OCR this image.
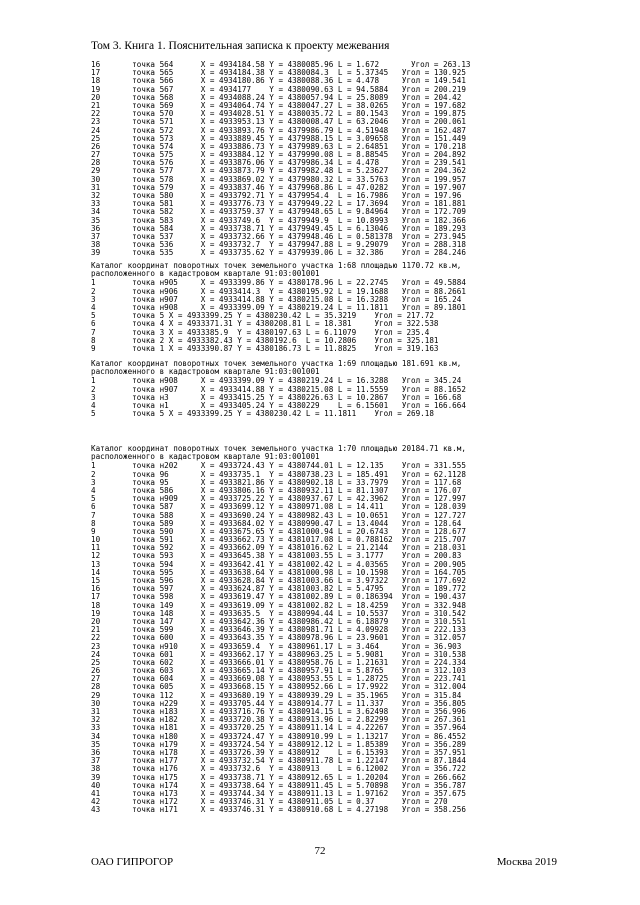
Том 3. Книга 1. Пояснительная записка к проекту межевания
16       точка 564      X = 4934184.58 Y = 4380085.96 L = 1.672       Угол = 263.13
17       точка 565      X = 4934184.38 Y = 4380084.3  L = 5.37345   Угол = 130.925
18       точка 566      X = 4934180.86 Y = 4380088.36 L = 4.478     Угол = 149.541
19       точка 567      X = 4934177    Y = 4380090.63 L = 94.5884   Угол = 200.219
20       точка 568      X = 4934088.24 Y = 4380057.94 L = 25.8089   Угол = 204.42
21       точка 569      X = 4934064.74 Y = 4380047.27 L = 38.0265   Угол = 197.682
22       точка 570      X = 4934028.51 Y = 4380035.72 L = 80.1543   Угол = 199.875
23       точка 571      X = 4933953.13 Y = 4380008.47 L = 63.2046   Угол = 200.061
24       точка 572      X = 4933893.76 Y = 4379986.79 L = 4.51948   Угол = 162.487
25       точка 573      X = 4933889.45 Y = 4379988.15 L = 3.09658   Угол = 151.449
26       точка 574      X = 4933886.73 Y = 4379989.63 L = 2.64851   Угол = 170.218
27       точка 575      X = 4933884.12 Y = 4379990.08 L = 8.88545   Угол = 204.892
28       точка 576      X = 4933876.06 Y = 4379986.34 L = 4.478     Угол = 239.541
29       точка 577      X = 4933873.79 Y = 4379982.48 L = 5.23627   Угол = 204.362
30       точка 578      X = 4933869.02 Y = 4379980.32 L = 33.5763   Угол = 199.957
31       точка 579      X = 4933837.46 Y = 4379968.86 L = 47.0282   Угол = 197.907
32       точка 580      X = 4933792.71 Y = 4379954.4  L = 16.7986   Угол = 197.96
33       точка 581      X = 4933776.73 Y = 4379949.22 L = 17.3694   Угол = 181.881
34       точка 582      X = 4933759.37 Y = 4379948.65 L = 9.84964   Угол = 172.709
35       точка 583      X = 4933749.6  Y = 4379949.9  L = 10.8993   Угол = 182.366
36       точка 584      X = 4933738.71 Y = 4379949.45 L = 6.13046   Угол = 189.293
37       точка 537      X = 4933732.66 Y = 4379948.46 L = 0.581378  Угол = 273.945
38       точка 536      X = 4933732.7  Y = 4379947.88 L = 9.29079   Угол = 288.318
39       точка 535      X = 4933735.62 Y = 4379939.06 L = 32.386    Угол = 284.246
Каталог координат поворотных точек земельного участка 1:68 площадью 1170.72 кв.м,
расположенного в кадастровом квартале 91:03:001001
1        точка н905     X = 4933399.86 Y = 4380178.96 L = 22.2745   Угол = 49.5884
2        точка н906     X = 4933414.3  Y = 4380195.92 L = 19.1688   Угол = 88.2661
3        точка н907     X = 4933414.88 Y = 4380215.08 L = 16.3288   Угол = 165.24
4        точка н908     X = 4933399.09 Y = 4380219.24 L = 11.1811   Угол = 89.1801
5        точка 5 X = 4933399.25 Y = 4380230.42 L = 35.3219    Угол = 217.72
6        точка 4 X = 4933371.31 Y = 4380208.81 L = 18.381     Угол = 322.538
7        точка 3 X = 4933385.9  Y = 4380197.63 L = 6.11079    Угол = 235.4
8        точка 2 X = 4933382.43 Y = 4380192.6  L = 10.2806    Угол = 325.181
9        точка 1 X = 4933390.87 Y = 4380186.73 L = 11.8825    Угол = 319.163
Каталог координат поворотных точек земельного участка 1:69 площадью 181.691 кв.м,
расположенного в кадастровом квартале 91:03:001001
1        точка н908     X = 4933399.09 Y = 4380219.24 L = 16.3288   Угол = 345.24
2        точка н907     X = 4933414.88 Y = 4380215.08 L = 11.5559   Угол = 88.1652
3        точка н3       X = 4933415.25 Y = 4380226.63 L = 10.2867   Угол = 166.68
4        точка н1       X = 4933405.24 Y = 4380229    L = 6.15601   Угол = 166.664
5        точка 5 X = 4933399.25 Y = 4380230.42 L = 11.1811    Угол = 269.18
Каталог координат поворотных точек земельного участка 1:70 площадью 20184.71 кв.м,
расположенного в кадастровом квартале 91:03:001001
1        точка н202     X = 4933724.43 Y = 4380744.01 L = 12.135    Угол = 331.555
2        точка 96       X = 4933735.1  Y = 4380738.23 L = 185.491   Угол = 62.1128
3        точка 95       X = 4933821.86 Y = 4380902.18 L = 33.7979   Угол = 117.68
4        точка 586      X = 4933806.16 Y = 4380932.11 L = 81.1307   Угол = 176.07
5        точка н909     X = 4933725.22 Y = 4380937.67 L = 42.3962   Угол = 127.997
6        точка 587      X = 4933699.12 Y = 4380971.08 L = 14.411    Угол = 128.039
7        точка 588      X = 4933690.24 Y = 4380982.43 L = 10.0651   Угол = 127.727
8        точка 589      X = 4933684.02 Y = 4380990.47 L = 13.4044   Угол = 128.64
9        точка 590      X = 4933675.65 Y = 4381000.94 L = 20.6743   Угол = 128.677
10       точка 591      X = 4933662.73 Y = 4381017.08 L = 0.788162  Угол = 215.707
11       точка 592      X = 4933662.09 Y = 4381016.62 L = 21.2144   Угол = 218.031
12       точка 593      X = 4933645.38 Y = 4381003.55 L = 3.1777    Угол = 200.83
13       точка 594      X = 4933642.41 Y = 4381002.42 L = 4.03565   Угол = 200.905
14       точка 595      X = 4933638.64 Y = 4381000.98 L = 10.1598   Угол = 164.705
15       точка 596      X = 4933628.84 Y = 4381003.66 L = 3.97322   Угол = 177.692
16       точка 597      X = 4933624.87 Y = 4381003.82 L = 5.4795    Угол = 189.772
17       точка 598      X = 4933619.47 Y = 4381002.89 L = 0.186394  Угол = 190.437
18       точка 149      X = 4933619.09 Y = 4381002.82 L = 18.4259   Угол = 332.948
19       точка 148      X = 4933635.5  Y = 4380994.44 L = 10.5537   Угол = 310.542
20       точка 147      X = 4933642.36 Y = 4380986.42 L = 6.18879   Угол = 310.551
21       точка 599      X = 4933646.39 Y = 4380981.71 L = 4.09928   Угол = 222.133
22       точка 600      X = 4933643.35 Y = 4380978.96 L = 23.9601   Угол = 312.057
23       точка н910     X = 4933659.4  Y = 4380961.17 L = 3.464     Угол = 36.903
24       точка 601      X = 4933662.17 Y = 4380963.25 L = 5.9081    Угол = 310.538
25       точка 602      X = 4933666.01 Y = 4380958.76 L = 1.21631   Угол = 224.334
26       точка 603      X = 4933665.14 Y = 4380957.91 L = 5.8765    Угол = 312.103
27       точка 604      X = 4933669.08 Y = 4380953.55 L = 1.28725   Угол = 223.741
28       точка 605      X = 4933668.15 Y = 4380952.66 L = 17.9922   Угол = 312.004
29       точка 112      X = 4933680.19 Y = 4380939.29 L = 35.1965   Угол = 315.84
30       точка н229     X = 4933705.44 Y = 4380914.77 L = 11.337    Угол = 356.805
31       точка н183     X = 4933716.76 Y = 4380914.15 L = 3.62498   Угол = 356.996
32       точка н182     X = 4933720.38 Y = 4380913.96 L = 2.82299   Угол = 267.361
33       точка н181     X = 4933720.25 Y = 4380911.14 L = 4.22267   Угол = 357.964
34       точка н180     X = 4933724.47 Y = 4380910.99 L = 1.13217   Угол = 86.4552
35       точка н179     X = 4933724.54 Y = 4380912.12 L = 1.85389   Угол = 356.289
36       точка н178     X = 4933726.39 Y = 4380912    L = 6.15393   Угол = 357.951
37       точка н177     X = 4933732.54 Y = 4380911.78 L = 1.22147   Угол = 87.1844
38       точка н176     X = 4933732.6  Y = 4380913    L = 6.12002   Угол = 356.722
39       точка н175     X = 4933738.71 Y = 4380912.65 L = 1.20204   Угол = 266.662
40       точка н174     X = 4933738.64 Y = 4380911.45 L = 5.70898   Угол = 356.787
41       точка н173     X = 4933744.34 Y = 4380911.13 L = 1.97162   Угол = 357.675
42       точка н172     X = 4933746.31 Y = 4380911.05 L = 0.37      Угол = 270
43       точка н171     X = 4933746.31 Y = 4380910.68 L = 4.27198   Угол = 358.256
72
ОАО ГИПРОГОР	Москва 2019
